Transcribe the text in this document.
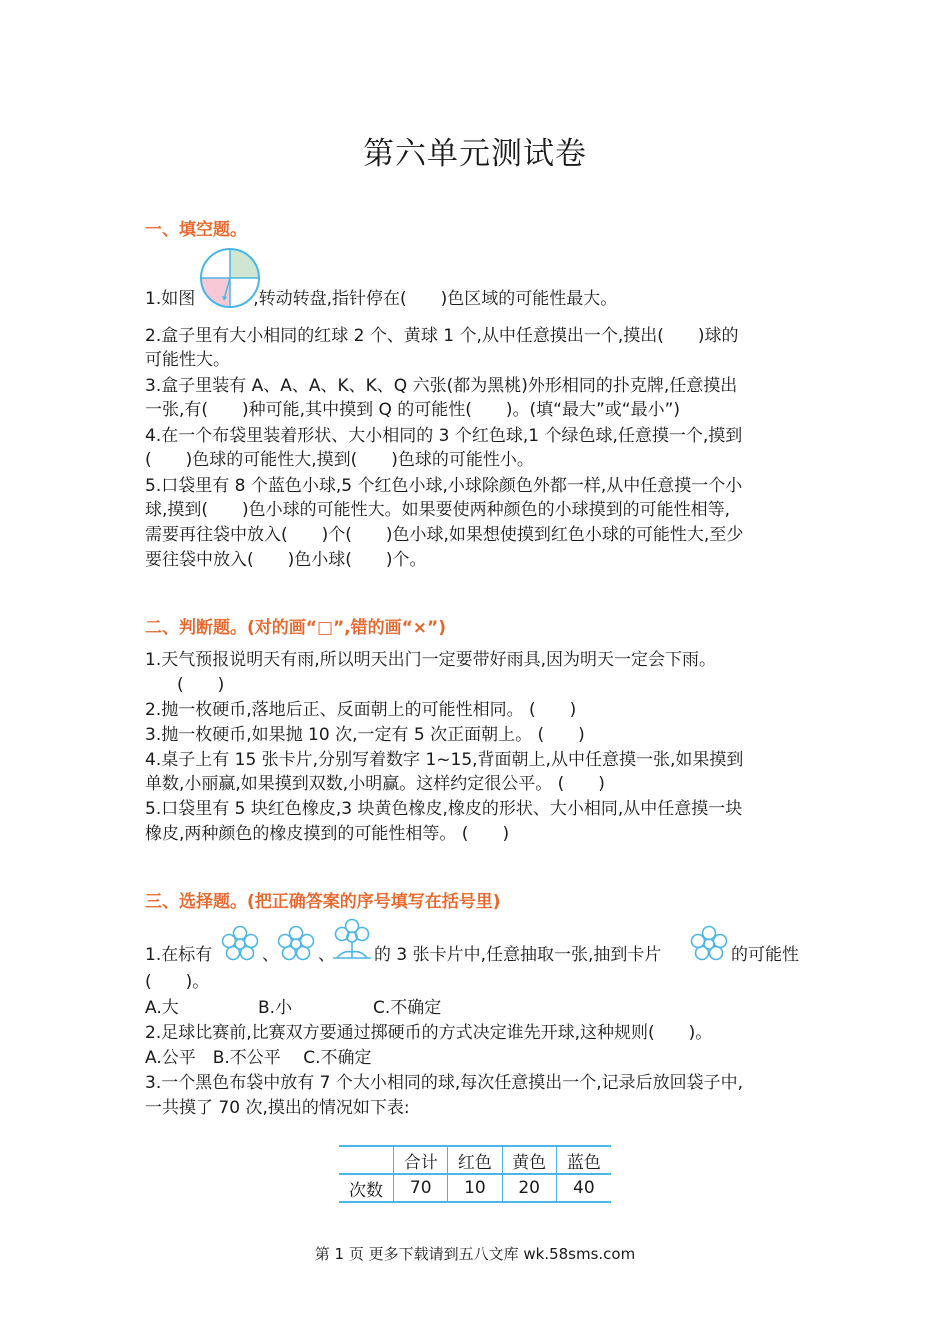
第六单元测试卷
一、填空题。
1.如图	,转动转盘,指针停在(　　)色区域的可能性最大。
2.盒子里有大小相同的红球 2 个、黄球 1 个,从中任意摸出一个,摸出(　　)球的
可能性大。
3.盒子里装有 A、A、A、K、K、Q 六张(都为黑桃)外形相同的扑克牌,任意摸出
一张,有(　　)种可能,其中摸到 Q 的可能性(　　)。(填“最大”或“最小”)
4.在一个布袋里装着形状、大小相同的 3 个红色球,1 个绿色球,任意摸一个,摸到
(　　)色球的可能性大,摸到(　　)色球的可能性小。
5.口袋里有 8 个蓝色小球,5 个红色小球,小球除颜色外都一样,从中任意摸一个小
球,摸到(　　)色小球的可能性大。如果要使两种颜色的小球摸到的可能性相等,
需要再往袋中放入(　　)个(　　)色小球,如果想使摸到红色小球的可能性大,至少
要往袋中放入(　　)色小球(　　)个。
二、判断题。(对的画“□”,错的画“×”)
1.天气预报说明天有雨,所以明天出门一定要带好雨具,因为明天一定会下雨。
　(　　)
2.抛一枚硬币,落地后正、反面朝上的可能性相同。 (　　)
3.抛一枚硬币,如果抛 10 次,一定有 5 次正面朝上。 (　　)
4.桌子上有 15 张卡片,分别写着数字 1~15,背面朝上,从中任意摸一张,如果摸到
单数,小丽赢,如果摸到双数,小明赢。这样约定很公平。 (　　)
5.口袋里有 5 块红色橡皮,3 块黄色橡皮,橡皮的形状、大小相同,从中任意摸一块
橡皮,两种颜色的橡皮摸到的可能性相等。 (　　)
三、选择题。(把正确答案的序号填写在括号里)
1.在标有	、 、 的 3 张卡片中,任意抽取一张,抽到卡片	的可能性
(　　)。
A.大	B.小	C.不确定
2.足球比赛前,比赛双方要通过掷硬币的方式决定谁先开球,这种规则(　　)。
A.公平　B.不公平　 C.不确定
3.一个黑色布袋中放有 7 个大小相同的球,每次任意摸出一个,记录后放回袋子中,
一共摸了 70 次,摸出的情况如下表:
	合计	红色	黄色	蓝色
次数	70	10	20	40
第 1 页 更多下载请到五八文库 wk.58sms.com
